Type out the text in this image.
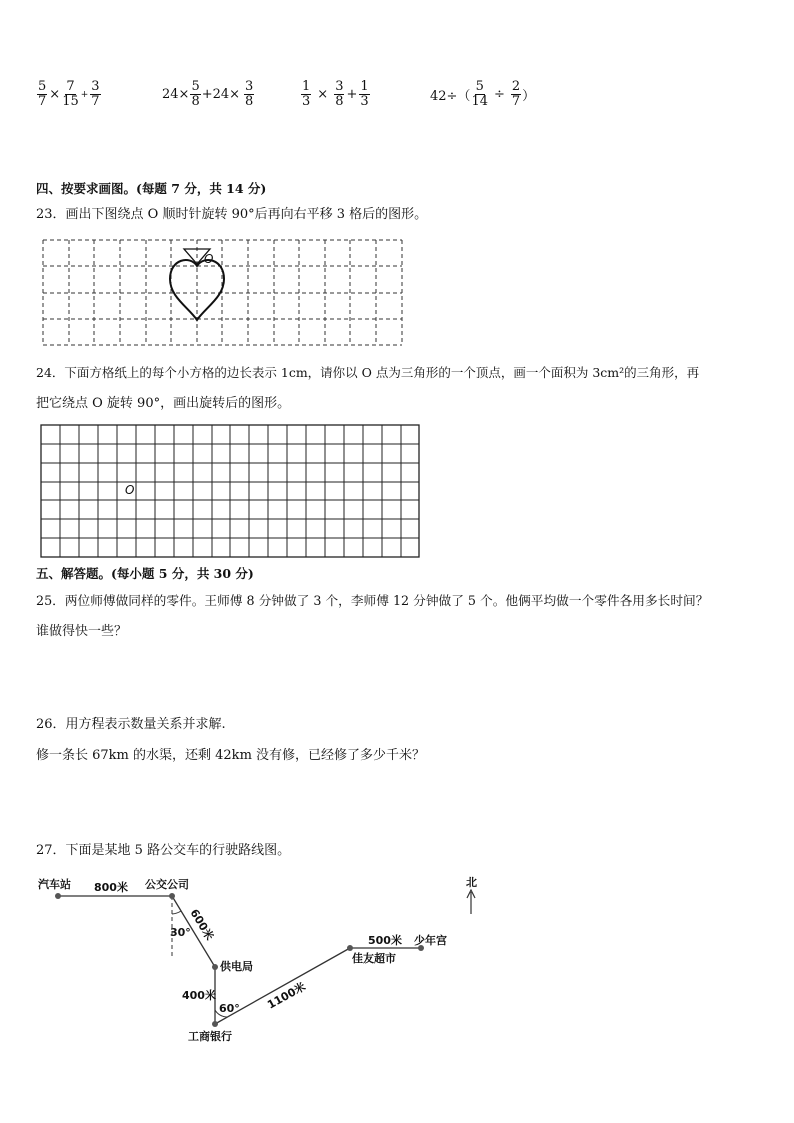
$\frac{5}{7} \times \frac{7}{15} + \frac{3}{7}$	$24\times \frac{5}{8} +24\times \frac{3}{8}$	$\frac{1}{3} \times \frac{3}{8} + \frac{1}{3}$	$42\div( \frac{5}{14} \div \frac{2}{7}$ ）
四、按要求画图。(每题 7 分，共 14 分)
23．画出下图绕点 O 顺时针旋转 90°后再向右平移 3 格后的图形。
O
24．下面方格纸上的每个小方格的边长表示 1cm，请你以 O 点为三角形的一个顶点，画一个面积为 3cm²的三角形，再
把它绕点 O 旋转 90°，画出旋转后的图形。
O
五、解答题。(每小题 5 分，共 30 分)
25．两位师傅做同样的零件。王师傅 8 分钟做了 3 个，李师傅 12 分钟做了 5 个。他俩平均做一个零件各用多长时间？
谁做得快一些？
26．用方程表示数量关系并求解.
修一条长 67km 的水渠，还剩 42km 没有修，已经修了多少千米？
27．下面是某地 5 路公交车的行驶路线图。
北
汽车站	公交公司
供电局
工商银行
佳友超市
少年宫
800米
600米
400米	1100米
500米
30°
60°
